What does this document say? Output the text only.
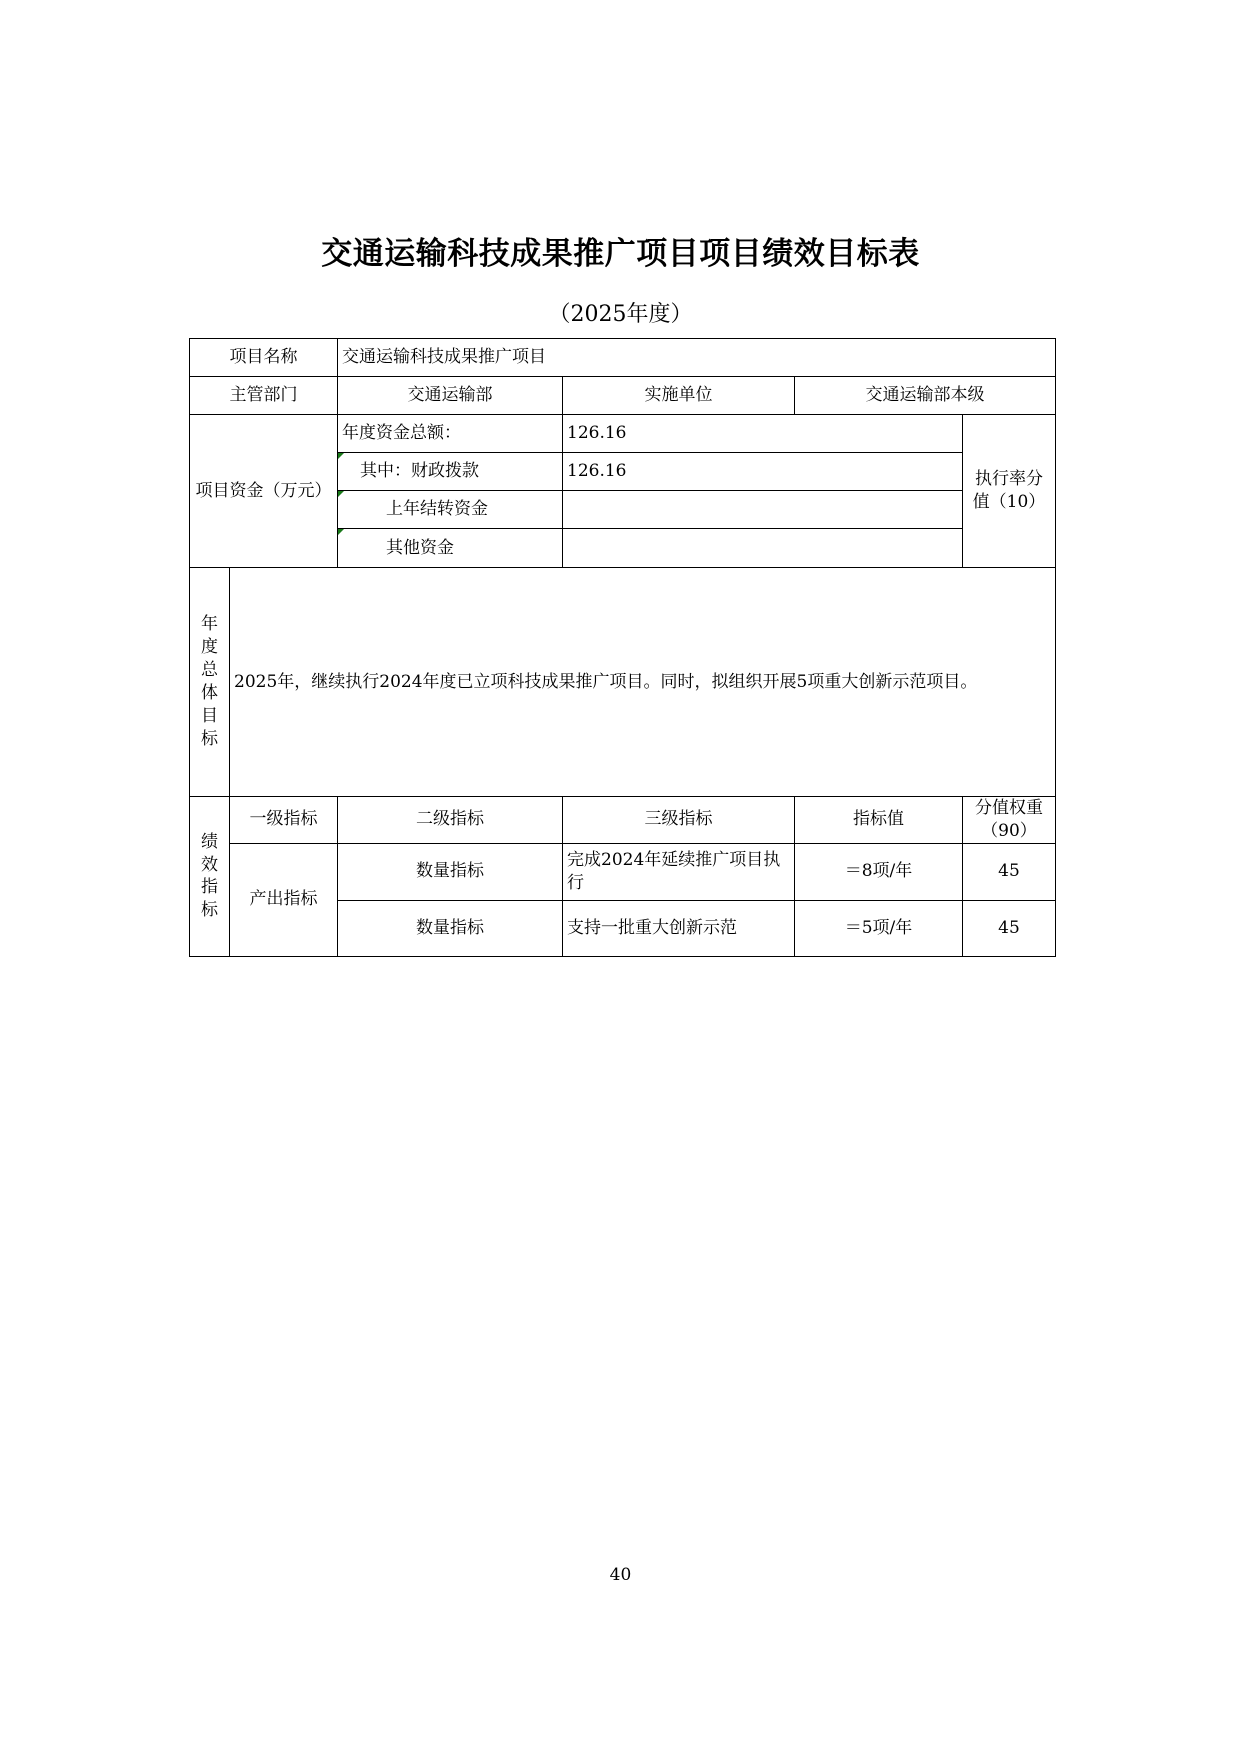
交通运输科技成果推广项目项目绩效目标表
（2025年度）
项目名称		交通运输科技成果推广项目			
主管部门		交通运输部	实施单位	交通运输部本级	
项目资金（万元）		年度资金总额：	126.16		执行率分值（10）
		其中：财政拨款	126.16		
		上年结转资金			
		其他资金			
年度总体目标	2025年，继续执行2024年度已立项科技成果推广项目。同时，拟组织开展5项重大创新示范项目。				
绩效指标	一级指标	二级指标	三级指标	指标值	分值权重（90）
	产出指标	数量指标	完成2024年延续推广项目执行	＝8项/年	45
		数量指标	支持一批重大创新示范	＝5项/年	45
40
